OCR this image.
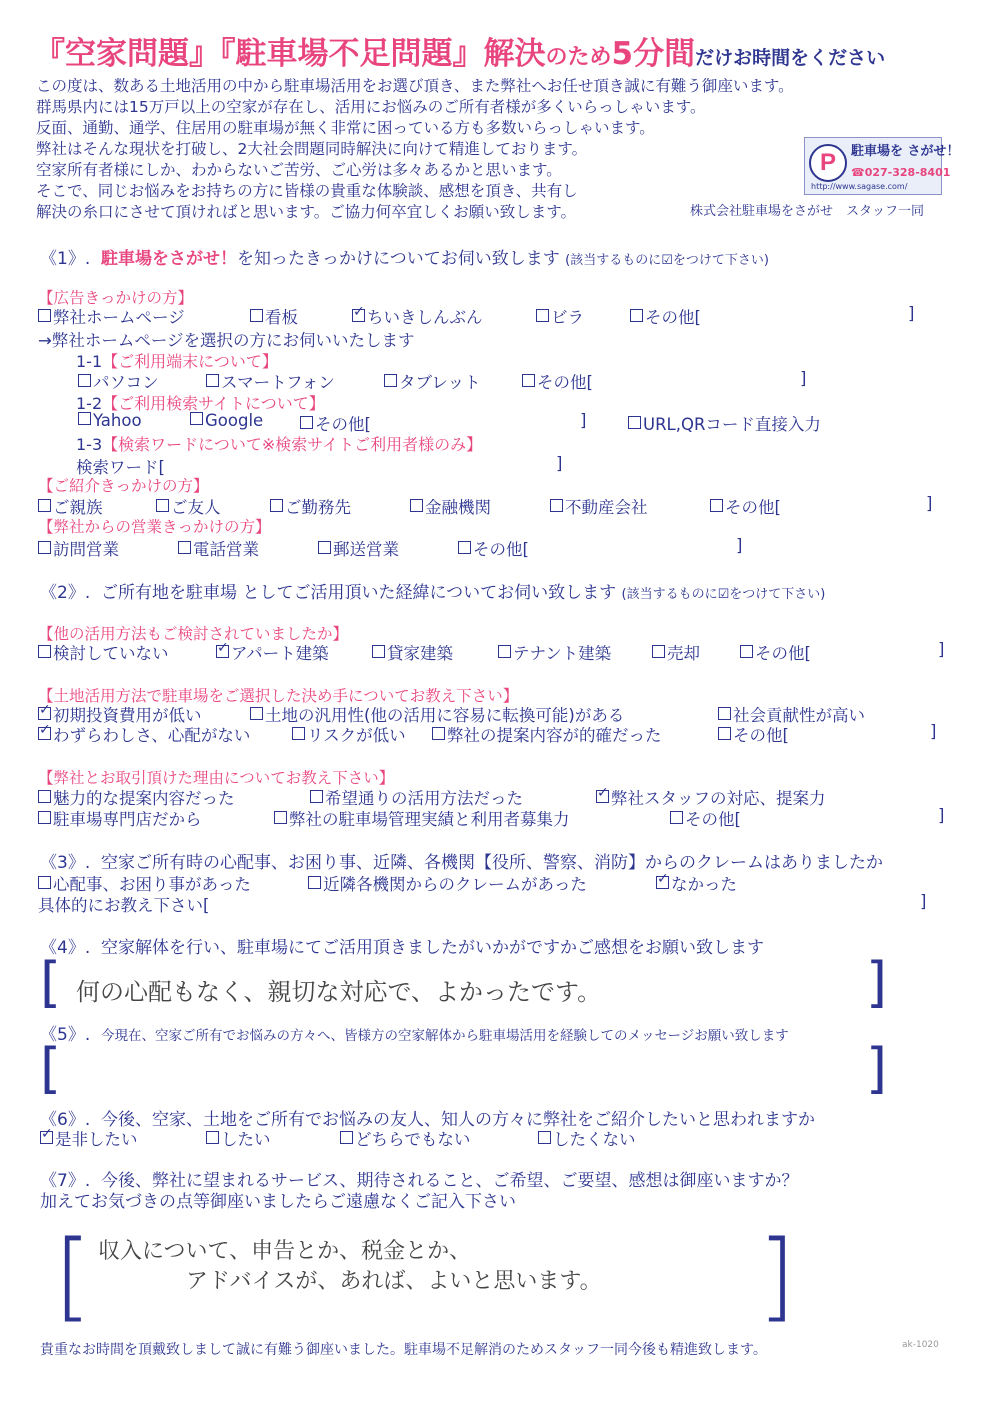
『空家問題』『駐車場不足問題』解決のため5分間だけお時間をください
この度は、数ある土地活用の中から駐車場活用をお選び頂き、また弊社へお任せ頂き誠に有難う御座います。
群馬県内には15万戸以上の空家が存在し、活用にお悩みのご所有者様が多くいらっしゃいます。
反面、通勤、通学、住居用の駐車場が無く非常に困っている方も多数いらっしゃいます。
弊社はそんな現状を打破し、2大社会問題同時解決に向けて精進しております。
空家所有者様にしか、わからないご苦労、ご心労は多々あるかと思います。
そこで、同じお悩みをお持ちの方に皆様の貴重な体験談、感想を頂き、共有し
解決の糸口にさせて頂ければと思います。ご協力何卒宜しくお願い致します。
P	駐車場を さがせ！
☎027-328-8401
http://www.sagase.com/
株式会社駐車場をさがせ　スタッフ一同
《1》. 駐車場をさがせ！を知ったきっかけについてお伺い致します (該当するものに☑をつけて下さい)
【広告きっかけの方】
弊社ホームページ	看板 ✓	ちいきしんぶん	ビラ	その他[	]
→弊社ホームページを選択の方にお伺いいたします
1-1【ご利用端末について】
パソコン	スマートフォン	タブレット	その他[	]
1-2【ご利用検索サイトについて】
Yahoo	Google	その他[	]	URL,QRコード直接入力
1-3【検索ワードについて※検索サイトご利用者様のみ】
検索ワード[	]
【ご紹介きっかけの方】
ご親族	ご友人	ご勤務先	金融機関	不動産会社	その他[	]
【弊社からの営業きっかけの方】
訪問営業	電話営業	郵送営業	その他[	]
《2》. ご所有地を駐車場 としてご活用頂いた経緯についてお伺い致します (該当するものに☑をつけて下さい)
【他の活用方法もご検討されていましたか】
検討していない ✓	アパート建築	貸家建築	テナント建築	売却	その他[	]
【土地活用方法で駐車場をご選択した決め手についてお教え下さい】
✓初期投資費用が低い	土地の汎用性(他の活用に容易に転換可能)がある	社会貢献性が高い
✓わずらわしさ、心配がない	リスクが低い	弊社の提案内容が的確だった	その他[	]
【弊社とお取引頂けた理由についてお教え下さい】
魅力的な提案内容だった	希望通りの活用方法だった ✓	弊社スタッフの対応、提案力
駐車場専門店だから	弊社の駐車場管理実績と利用者募集力	その他[	]
《3》. 空家ご所有時の心配事、お困り事、近隣、各機関【役所、警察、消防】からのクレームはありましたか
心配事、お困り事があった	近隣各機関からのクレームがあった ✓	なかった
具体的にお教え下さい[	]
《4》. 空家解体を行い、駐車場にてご活用頂きましたがいかがですかご感想をお願い致します
[ 何の心配もなく、親切な対応で、よかったです。	]
《5》. 今現在、空家ご所有でお悩みの方々へ、皆様方の空家解体から駐車場活用を経験してのメッセージお願い致します
[	]
《6》. 今後、空家、土地をご所有でお悩みの友人、知人の方々に弊社をご紹介したいと思われますか
✓是非したい	したい	どちらでもない	したくない
《7》. 今後、弊社に望まれるサービス、期待されること、ご希望、ご要望、感想は御座いますか？
加えてお気づきの点等御座いましたらご遠慮なくご記入下さい
[ 収入について、申告とか、税金とか、
アドバイスが、あれば、よいと思います。 ]
貴重なお時間を頂戴致しまして誠に有難う御座いました。駐車場不足解消のためスタッフ一同今後も精進致します。	ak-1020
